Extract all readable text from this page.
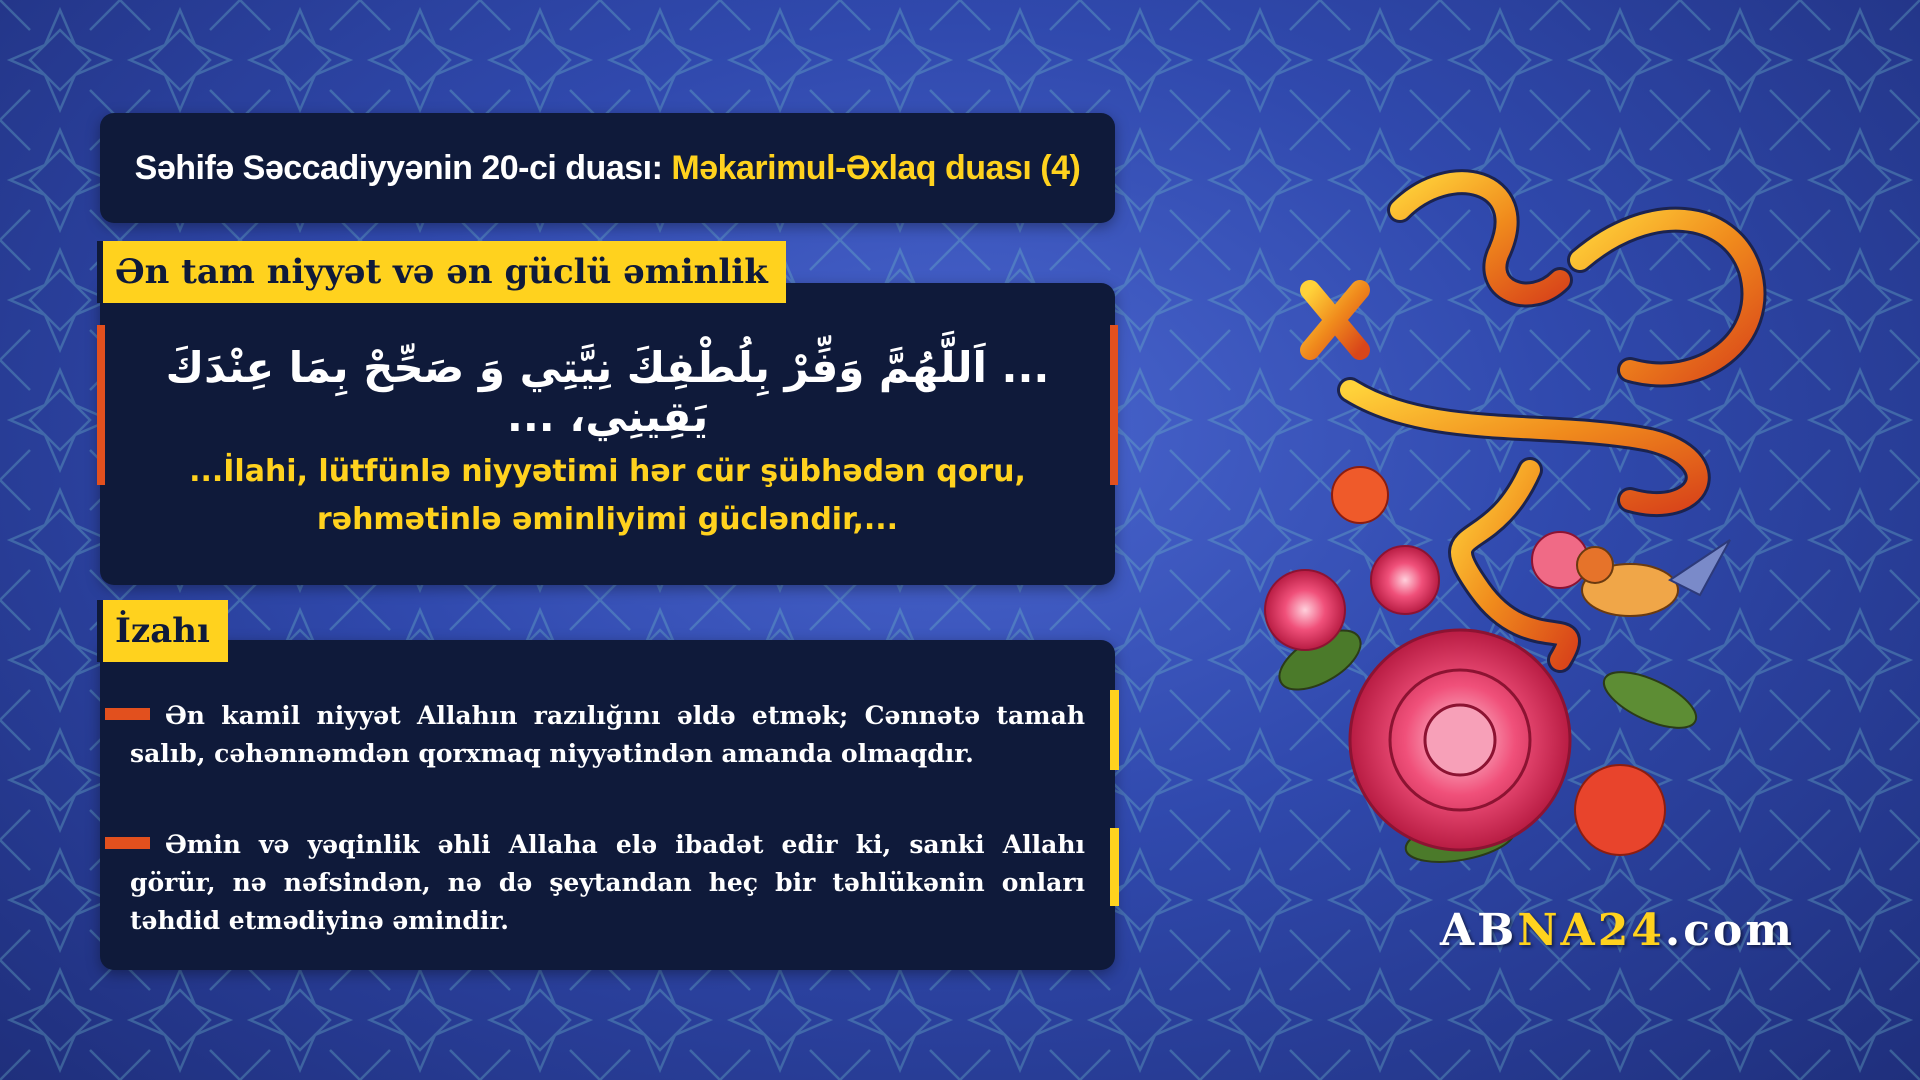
Səhifə Səccadiyyənin 20-ci duası: Məkarimul-Əxlaq duası (4)
Ən tam niyyət və ən güclü əminlik
... اَللَّهُمَّ وَفِّرْ بِلُطْفِكَ نِيَّتِي وَ صَحِّحْ بِمَا عِنْدَكَ يَقِينِي، ...
...İlahi, lütfünlə niyyətimi hər cür şübhədən qoru,
rəhmətinlə əminliyimi gücləndir,...
İzahı
Ən kamil niyyət Allahın razılığını əldə etmək; Cənnətə tamah salıb, cəhənnəmdən qorxmaq niyyətindən amanda olmaqdır.
Əmin və yəqinlik əhli Allaha elə ibadət edir ki, sanki Allahı görür, nə nəfsindən, nə də şeytandan heç bir təhlükənin onları təhdid etmədiyinə əmindir.	ABNA24.com
